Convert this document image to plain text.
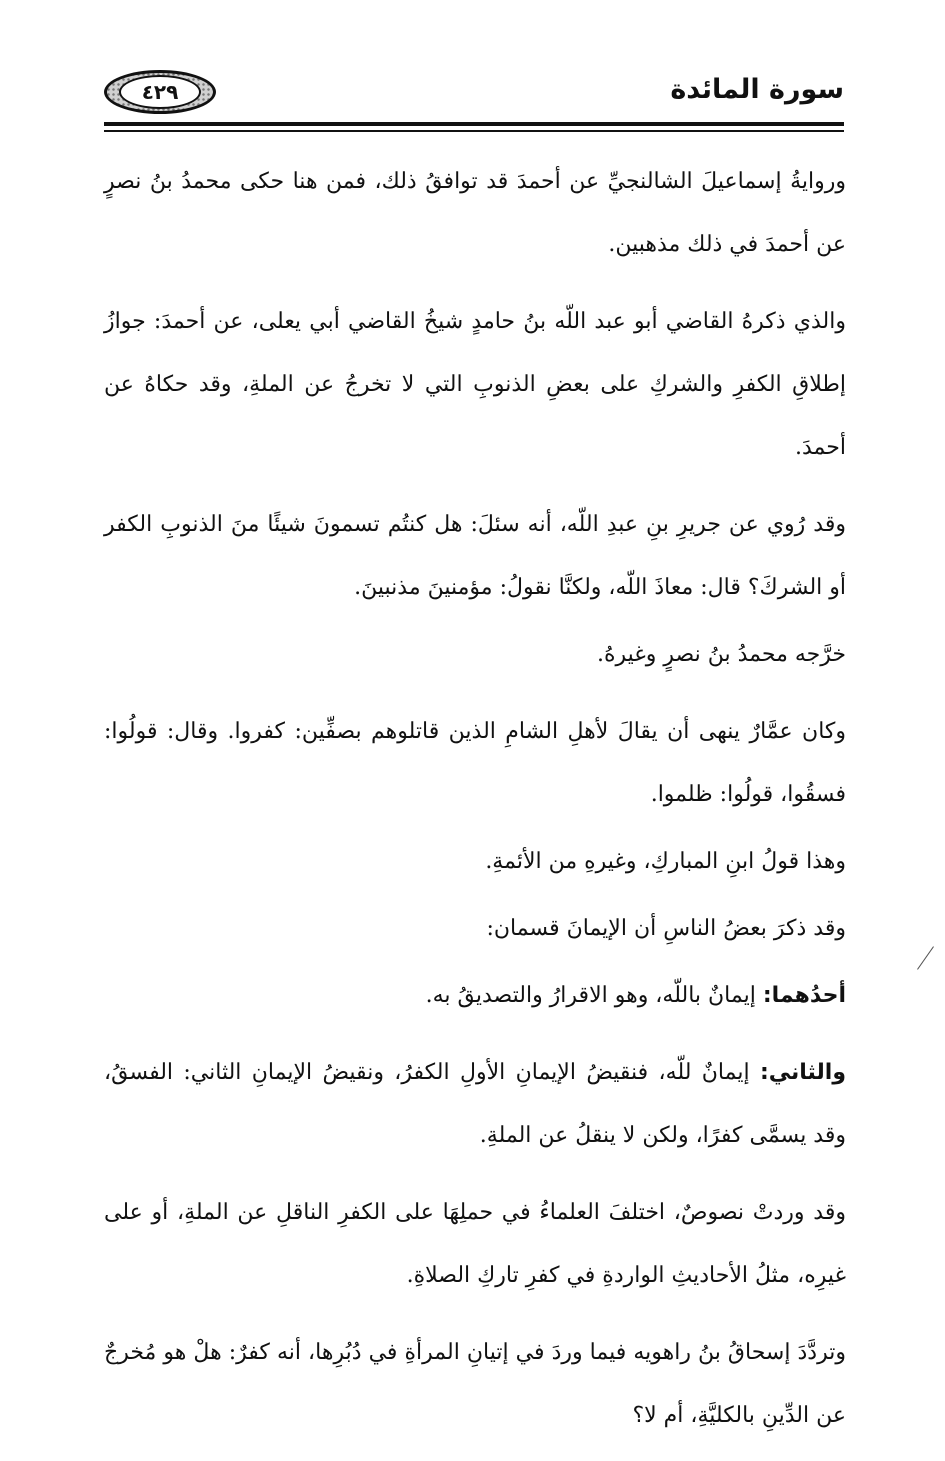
٤٢٩	سورة المائدة

وروايةُ إسماعيلَ الشالنجيِّ عن أحمدَ قد توافقُ ذلك، فمن هنا حكى محمدُ بنُ نصرٍ عن أحمدَ في ذلك مذهبين.

والذي ذكرهُ القاضي أبو عبد اللّه بنُ حامدٍ شيخُ القاضي أبي يعلى، عن أحمدَ: جوازُ إطلاقِ الكفرِ والشركِ على بعضِ الذنوبِ التي لا تخرجُ عن الملةِ، وقد حكاهُ عن أحمدَ.

وقد رُوي عن جريرِ بنِ عبدِ اللّه، أنه سئلَ: هل كنتُم تسمونَ شيئًا منَ الذنوبِ الكفر أو الشركَ؟ قال: معاذَ اللّه، ولكنَّا نقولُ: مؤمنينَ مذنبينَ.

خرَّجه محمدُ بنُ نصرٍ وغيرهُ.

وكان عمَّارٌ ينهى أن يقالَ لأهلِ الشامِ الذين قاتلوهم بصفِّين: كفروا. وقال: قولُوا: فسقُوا، قولُوا: ظلموا.

وهذا قولُ ابنِ المباركِ، وغيرهِ من الأئمةِ.

وقد ذكرَ بعضُ الناسِ أن الإيمانَ قسمان:

أحدُهما: إيمانٌ باللّه، وهو الاقرارُ والتصديقُ به.

والثاني: إيمانٌ للّه، فنقيضُ الإيمانِ الأولِ الكفرُ، ونقيضُ الإيمانِ الثاني: الفسقُ، وقد يسمَّى كفرًا، ولكن لا ينقلُ عن الملةِ.

وقد وردتْ نصوصٌ، اختلفَ العلماءُ في حملِهَا على الكفرِ الناقلِ عن الملةِ، أو على غيرِه، مثلُ الأحاديثِ الواردةِ في كفرِ تاركِ الصلاةِ.

وتردَّدَ إسحاقُ بنُ راهويه فيما وردَ في إتيانِ المرأةِ في دُبُرِها، أنه كفرٌ: هلْ هو مُخرجٌ عن الدِّينِ بالكليَّةِ، أم لا؟
